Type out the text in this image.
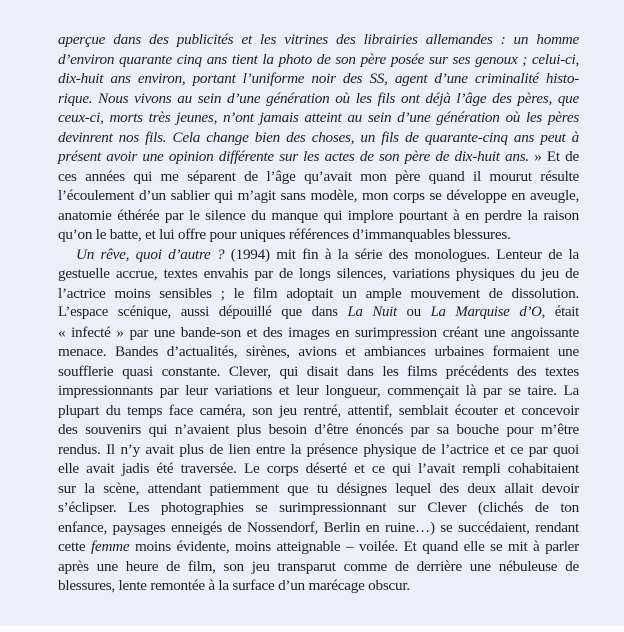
aperçue dans des publicités et les vitrines des librairies allemandes : un homme
d’environ quarante cinq ans tient la photo de son père posée sur ses genoux ; celui-ci,
dix-huit ans environ, portant l’uniforme noir des SS, agent d’une criminalité histo-
rique. Nous vivons au sein d’une génération où les fils ont déjà l’âge des pères, que
ceux-ci, morts très jeunes, n’ont jamais atteint au sein d’une génération où les pères
devinrent nos fils. Cela change bien des choses, un fils de quarante-cinq ans peut à
présent avoir une opinion différente sur les actes de son père de dix-huit ans. » Et de
ces années qui me séparent de l’âge qu’avait mon père quand il mourut résulte
l’écoulement d’un sablier qui m’agit sans modèle, mon corps se développe en aveugle,
anatomie éthérée par le silence du manque qui implore pourtant à en perdre la raison
qu’on le batte, et lui offre pour uniques références d’immanquables blessures.
Un rêve, quoi d’autre ? (1994) mit fin à la série des monologues. Lenteur de la
gestuelle accrue, textes envahis par de longs silences, variations physiques du jeu de
l’actrice moins sensibles ; le film adoptait un ample mouvement de dissolution.
L’espace scénique, aussi dépouillé que dans La Nuit ou La Marquise d’O, était
« infecté » par une bande-son et des images en surimpression créant une angoissante
menace. Bandes d’actualités, sirènes, avions et ambiances urbaines formaient une
soufflerie quasi constante. Clever, qui disait dans les films précédents des textes
impressionnants par leur variations et leur longueur, commençait là par se taire. La
plupart du temps face caméra, son jeu rentré, attentif, semblait écouter et concevoir
des souvenirs qui n’avaient plus besoin d’être énoncés par sa bouche pour m’être
rendus. Il n’y avait plus de lien entre la présence physique de l’actrice et ce par quoi
elle avait jadis été traversée. Le corps déserté et ce qui l’avait rempli cohabitaient
sur la scène, attendant patiemment que tu désignes lequel des deux allait devoir
s’éclipser. Les photographies se surimpressionnant sur Clever (clichés de ton
enfance, paysages enneigés de Nossendorf, Berlin en ruine…) se succédaient, rendant
cette femme moins évidente, moins atteignable – voilée. Et quand elle se mit à parler
après une heure de film, son jeu transparut comme de derrière une nébuleuse de
blessures, lente remontée à la surface d’un marécage obscur.
